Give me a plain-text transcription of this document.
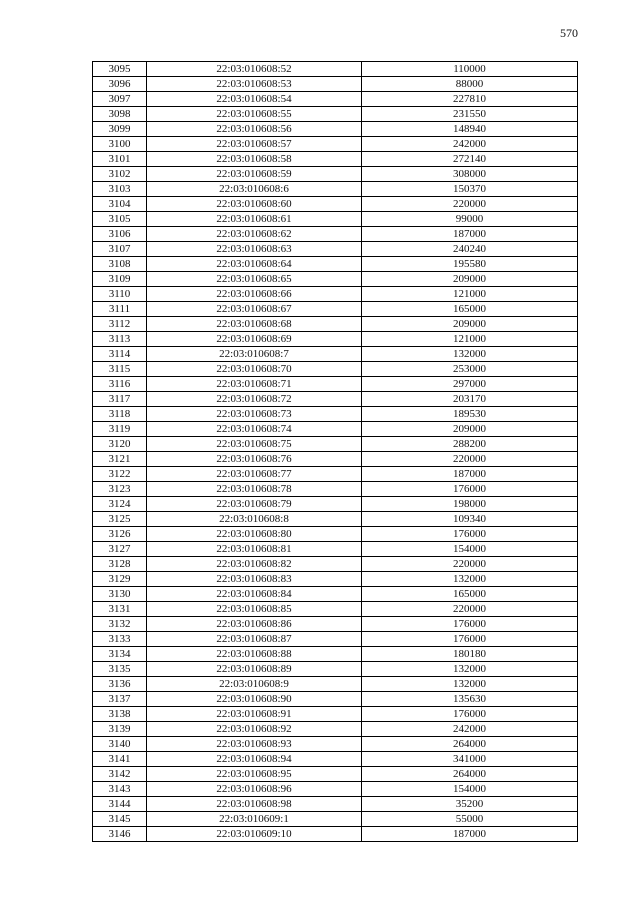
570
3095	22:03:010608:52	110000
3096	22:03:010608:53	88000
3097	22:03:010608:54	227810
3098	22:03:010608:55	231550
3099	22:03:010608:56	148940
3100	22:03:010608:57	242000
3101	22:03:010608:58	272140
3102	22:03:010608:59	308000
3103	22:03:010608:6	150370
3104	22:03:010608:60	220000
3105	22:03:010608:61	99000
3106	22:03:010608:62	187000
3107	22:03:010608:63	240240
3108	22:03:010608:64	195580
3109	22:03:010608:65	209000
3110	22:03:010608:66	121000
3111	22:03:010608:67	165000
3112	22:03:010608:68	209000
3113	22:03:010608:69	121000
3114	22:03:010608:7	132000
3115	22:03:010608:70	253000
3116	22:03:010608:71	297000
3117	22:03:010608:72	203170
3118	22:03:010608:73	189530
3119	22:03:010608:74	209000
3120	22:03:010608:75	288200
3121	22:03:010608:76	220000
3122	22:03:010608:77	187000
3123	22:03:010608:78	176000
3124	22:03:010608:79	198000
3125	22:03:010608:8	109340
3126	22:03:010608:80	176000
3127	22:03:010608:81	154000
3128	22:03:010608:82	220000
3129	22:03:010608:83	132000
3130	22:03:010608:84	165000
3131	22:03:010608:85	220000
3132	22:03:010608:86	176000
3133	22:03:010608:87	176000
3134	22:03:010608:88	180180
3135	22:03:010608:89	132000
3136	22:03:010608:9	132000
3137	22:03:010608:90	135630
3138	22:03:010608:91	176000
3139	22:03:010608:92	242000
3140	22:03:010608:93	264000
3141	22:03:010608:94	341000
3142	22:03:010608:95	264000
3143	22:03:010608:96	154000
3144	22:03:010608:98	35200
3145	22:03:010609:1	55000
3146	22:03:010609:10	187000
